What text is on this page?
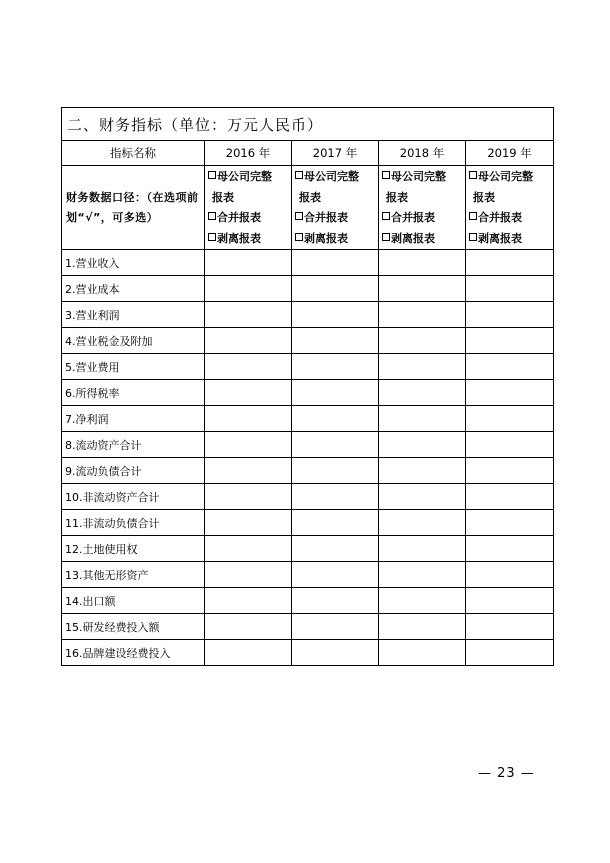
二、财务指标（单位：万元人民币）				
指标名称	2016 年	2017 年	2018 年	2019 年
财务数据口径：（在选项前划“√”，可多选）	母公司完整
报表
合并报表
剥离报表	母公司完整
报表
合并报表
剥离报表	母公司完整
报表
合并报表
剥离报表	母公司完整
报表
合并报表
剥离报表

1.营业收入				
2.营业成本				
3.营业利润				
4.营业税金及附加				
5.营业费用				
6.所得税率				
7.净利润				
8.流动资产合计				
9.流动负债合计				
10.非流动资产合计				
11.非流动负债合计				
12.土地使用权				
13.其他无形资产				
14.出口额				
15.研发经费投入额				
16.品牌建设经费投入				
— 23 —
